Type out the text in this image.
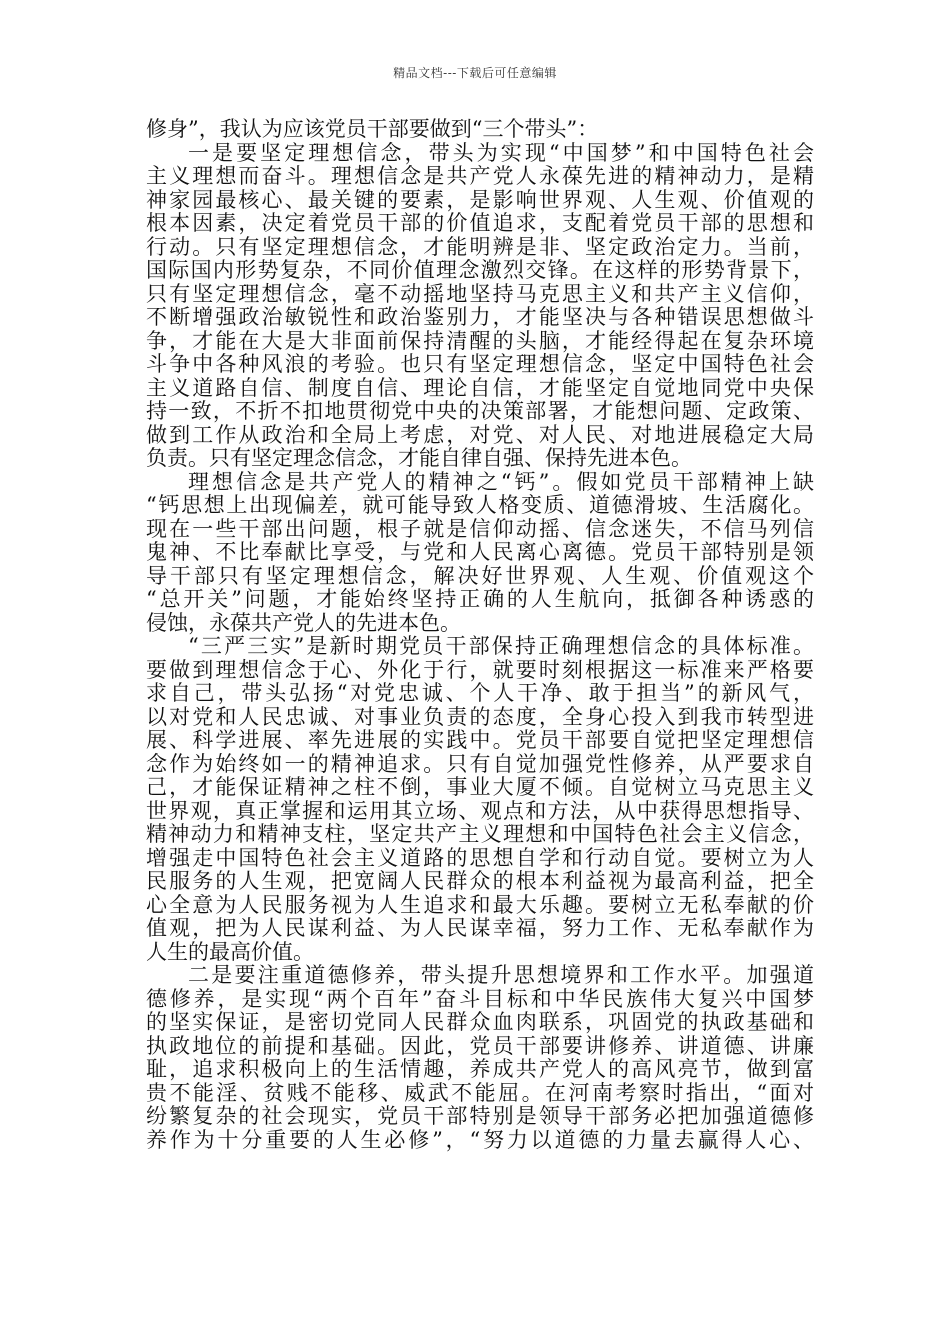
精品文档---下载后可任意编辑
修身”，我认为应该党员干部要做到“三个带头”：
一是要坚定理想信念，带头为实现“中国梦”和中国特色社会
主义理想而奋斗。理想信念是共产党人永葆先进的精神动力，是精
神家园最核心、最关键的要素，是影响世界观、人生观、价值观的
根本因素，决定着党员干部的价值追求，支配着党员干部的思想和
行动。只有坚定理想信念，才能明辨是非、坚定政治定力。当前，
国际国内形势复杂，不同价值理念激烈交锋。在这样的形势背景下，
只有坚定理想信念，毫不动摇地坚持马克思主义和共产主义信仰，
不断增强政治敏锐性和政治鉴别力，才能坚决与各种错误思想做斗
争，才能在大是大非面前保持清醒的头脑，才能经得起在复杂环境
斗争中各种风浪的考验。也只有坚定理想信念，坚定中国特色社会
主义道路自信、制度自信、理论自信，才能坚定自觉地同党中央保
持一致，不折不扣地贯彻党中央的决策部署，才能想问题、定政策、
做到工作从政治和全局上考虑，对党、对人民、对地进展稳定大局
负责。只有坚定理念信念，才能自律自强、保持先进本色。
理想信念是共产党人的精神之“钙”。假如党员干部精神上缺
“钙思想上出现偏差，就可能导致人格变质、道德滑坡、生活腐化。
现在一些干部出问题，根子就是信仰动摇、信念迷失，不信马列信
鬼神、不比奉献比享受，与党和人民离心离德。党员干部特别是领
导干部只有坚定理想信念，解决好世界观、人生观、价值观这个
“总开关”问题，才能始终坚持正确的人生航向，抵御各种诱惑的
侵蚀，永葆共产党人的先进本色。
“三严三实”是新时期党员干部保持正确理想信念的具体标准。
要做到理想信念于心、外化于行，就要时刻根据这一标准来严格要
求自己，带头弘扬“对党忠诚、个人干净、敢于担当”的新风气，
以对党和人民忠诚、对事业负责的态度，全身心投入到我市转型进
展、科学进展、率先进展的实践中。党员干部要自觉把坚定理想信
念作为始终如一的精神追求。只有自觉加强党性修养，从严要求自
己，才能保证精神之柱不倒，事业大厦不倾。自觉树立马克思主义
世界观，真正掌握和运用其立场、观点和方法，从中获得思想指导、
精神动力和精神支柱，坚定共产主义理想和中国特色社会主义信念，
增强走中国特色社会主义道路的思想自学和行动自觉。要树立为人
民服务的人生观，把宽阔人民群众的根本利益视为最高利益，把全
心全意为人民服务视为人生追求和最大乐趣。要树立无私奉献的价
值观，把为人民谋利益、为人民谋幸福，努力工作、无私奉献作为
人生的最高价值。
二是要注重道德修养，带头提升思想境界和工作水平。加强道
德修养，是实现“两个百年”奋斗目标和中华民族伟大复兴中国梦
的坚实保证，是密切党同人民群众血肉联系，巩固党的执政基础和
执政地位的前提和基础。因此，党员干部要讲修养、讲道德、讲廉
耻，追求积极向上的生活情趣，养成共产党人的高风亮节，做到富
贵不能淫、贫贱不能移、威武不能屈。在河南考察时指出，“面对
纷繁复杂的社会现实，党员干部特别是领导干部务必把加强道德修
养作为十分重要的人生必修”，“努力以道德的力量去赢得人心、
